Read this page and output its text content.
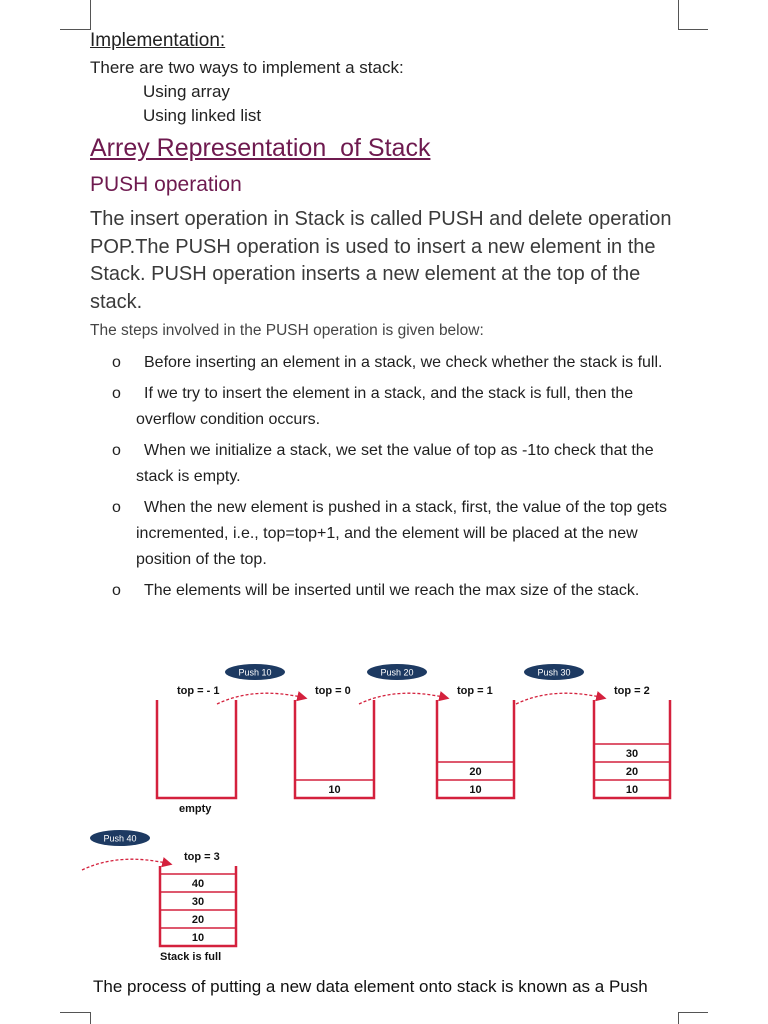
Implementation:
There are two ways to implement a stack:
Using array
Using linked list
Arrey Representation  of Stack
PUSH operation
The insert operation in Stack is called PUSH and delete operation POP.The PUSH operation is used to insert a new element in the Stack. PUSH operation inserts a new element at the top of the stack.
The steps involved in the PUSH operation is given below:
o	Before inserting an element in a stack, we check whether the stack is full.
o	If we try to insert the element in a stack, and the stack is full, then the overflow condition occurs.
o	When we initialize a stack, we set the value of top as -1to check that the stack is empty.
o	When the new element is pushed in a stack, first, the value of the top gets incremented, i.e., top=top+1, and the element will be placed at the new position of the top.
o	The elements will be inserted until we reach the max size of the stack.
top = - 1
empty
10
top = 0
Push 10
20
10
top = 1
Push 20
30
20
10
top = 2
Push 30
40
30
20
10
top = 3
Push 40
Stack is full
The process of putting a new data element onto stack is known as a Push
